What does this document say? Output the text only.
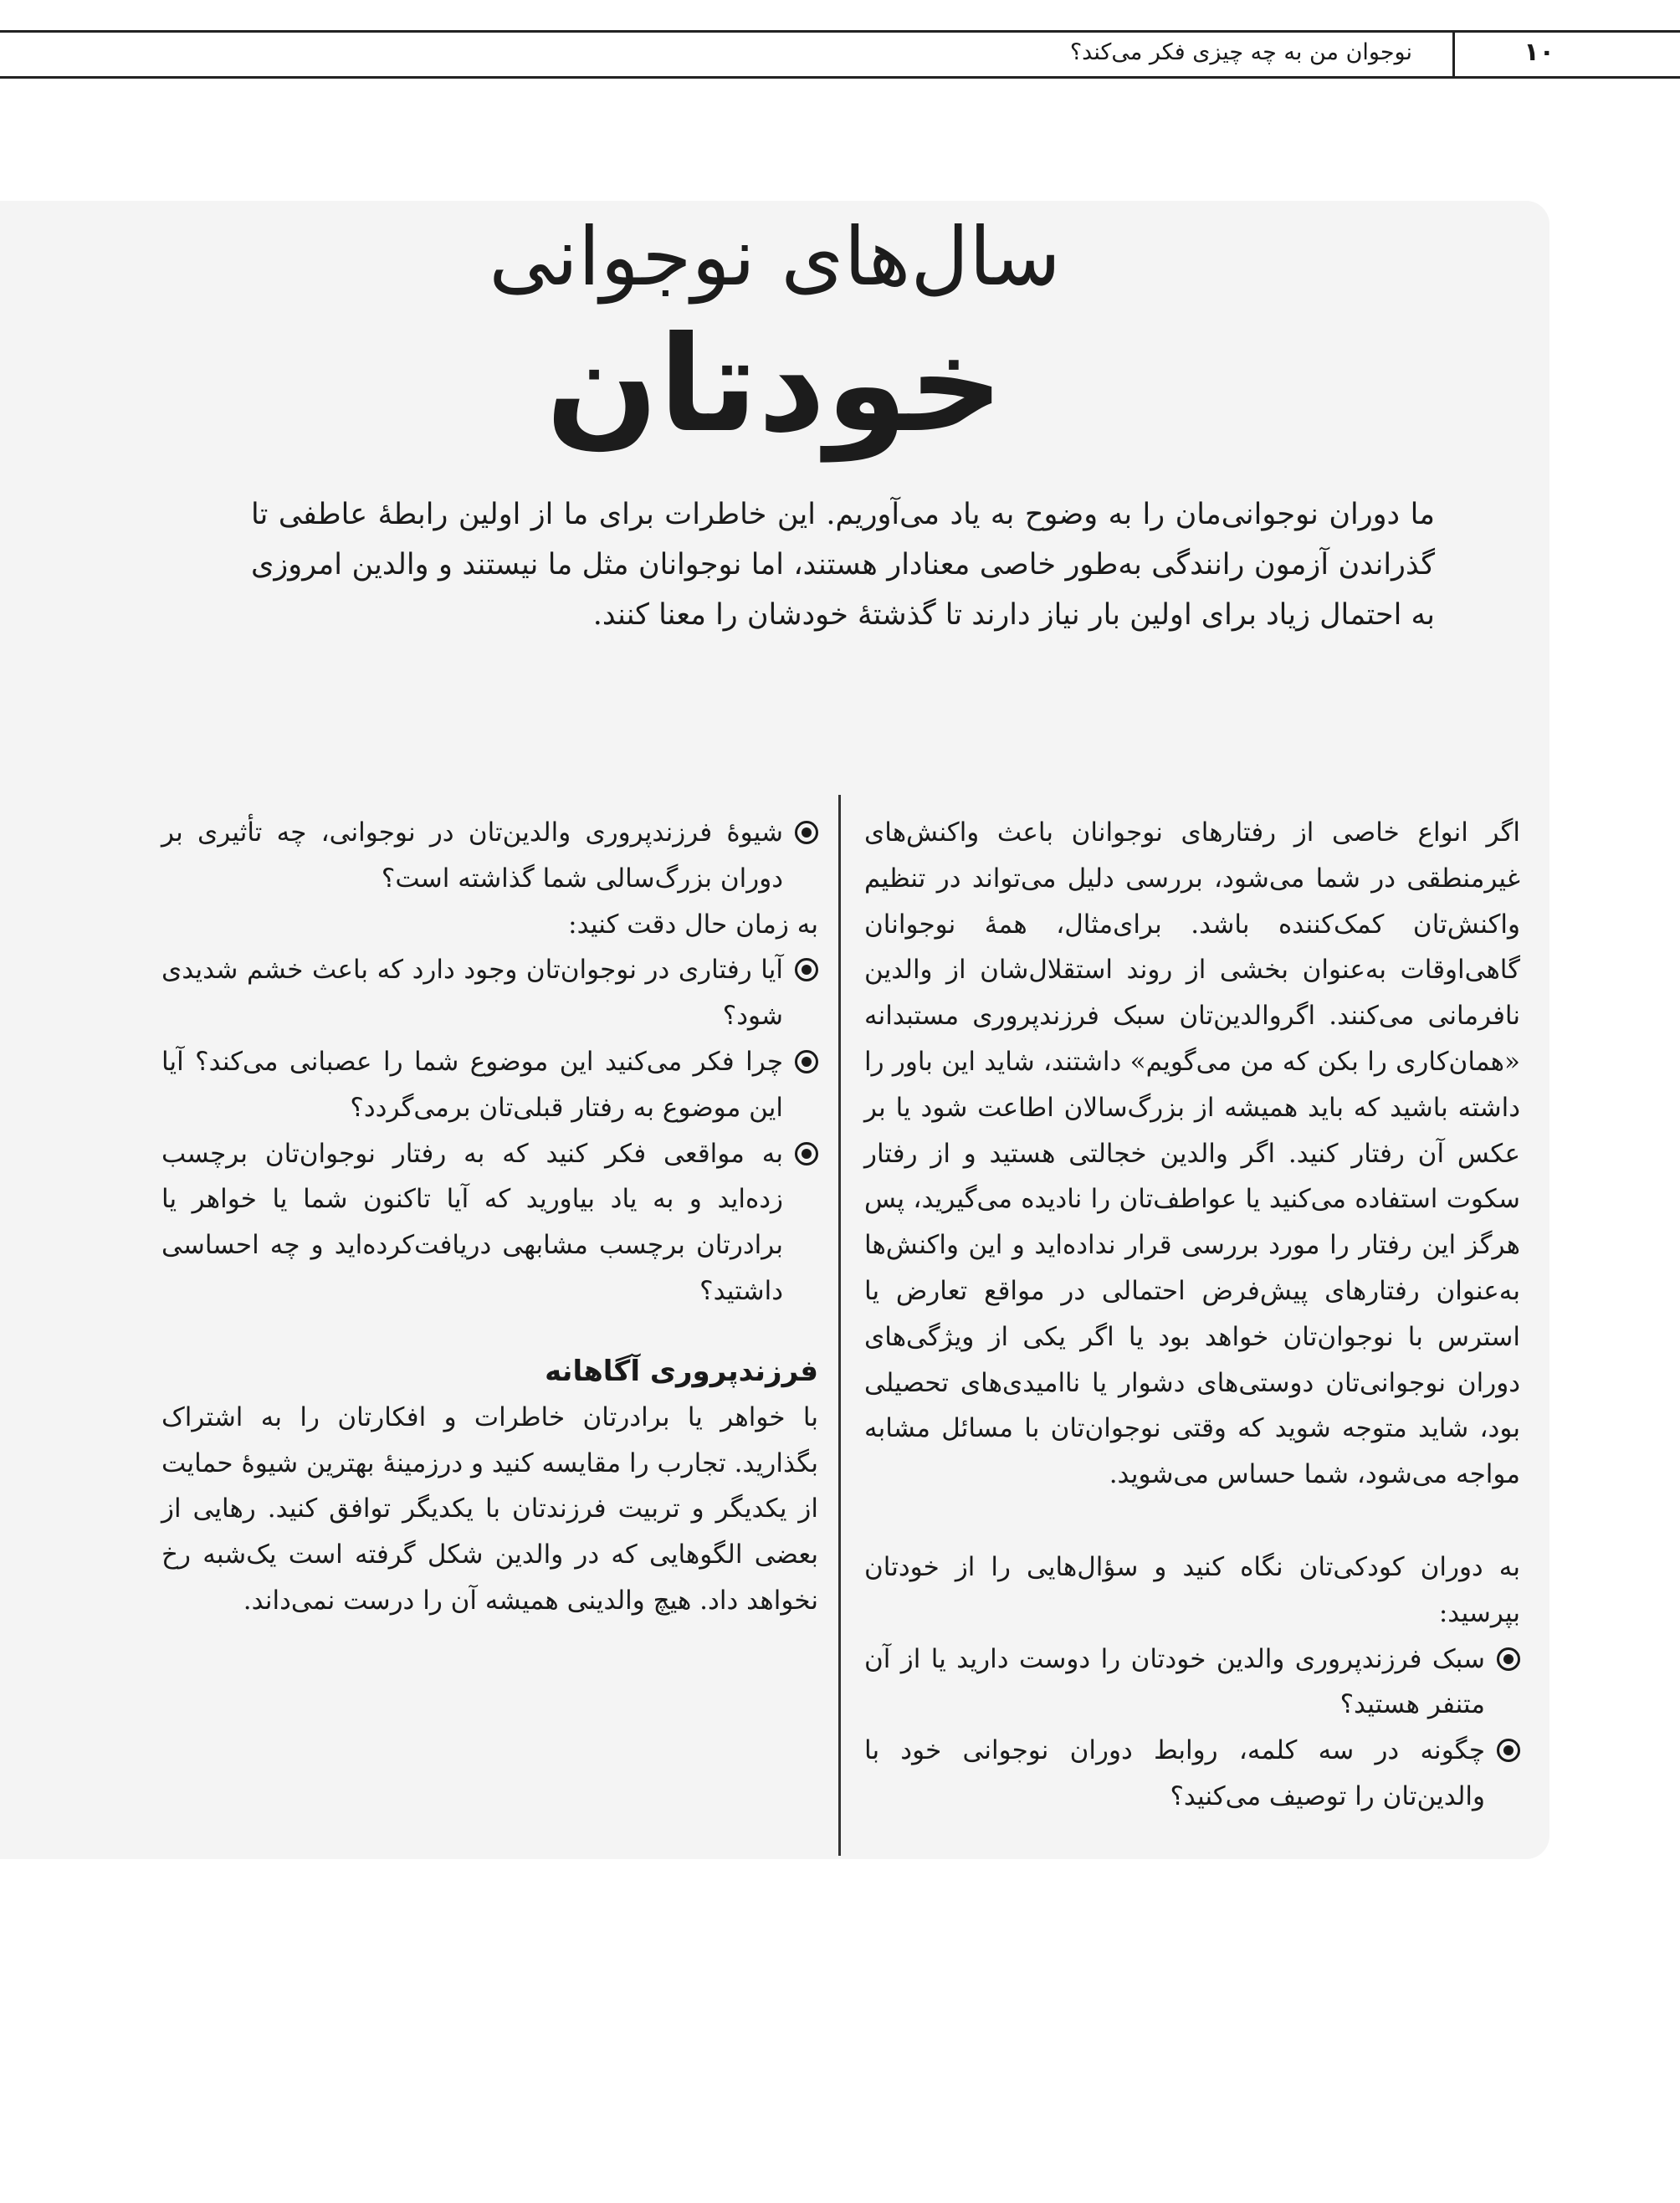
نوجوان من به چه چیزی فکر می‌کند؟	۱۰
سال‌های نوجوانی
خودتان
ما دوران نوجوانی‌مان را به وضوح به یاد می‌آوریم. این خاطرات برای ما از اولین رابطهٔ عاطفی تا گذراندن آزمون رانندگی به‌طور خاصی معنادار هستند، اما نوجوانان مثل ما نیستند و والدین امروزی به احتمال زیاد برای اولین بار نیاز دارند تا گذشتهٔ خودشان را معنا کنند.

اگر انواع خاصی از رفتارهای نوجوانان باعث واکنش‌های غیرمنطقی در شما می‌شود، بررسی دلیل می‌تواند در تنظیم واکنش‌تان کمک‌کننده باشد. برای‌مثال، همهٔ نوجوانان گاهی‌اوقات به‌عنوان بخشی از روند استقلال‌شان از والدین نافرمانی می‌کنند. اگروالدین‌تان سبک فرزندپروری مستبدانه «همان‌کاری را بکن که من می‌گویم» داشتند، شاید این باور را داشته باشید که باید همیشه از بزرگ‌سالان اطاعت شود یا بر عکس آن رفتار کنید. اگر والدین خجالتی هستید و از رفتار سکوت استفاده می‌کنید یا عواطف‌تان را نادیده می‌گیرید، پس هرگز این رفتار را مورد بررسی قرار نداده‌اید و این واکنش‌ها به‌عنوان رفتارهای پیش‌فرض احتمالی در مواقع تعارض یا استرس با نوجوان‌تان خواهد بود یا اگر یکی از ویژگی‌های دوران نوجوانی‌تان دوستی‌های دشوار یا ناامیدی‌های تحصیلی بود، شاید متوجه شوید که وقتی نوجوان‌تان با مسائل مشابه مواجه می‌شود، شما حساس می‌شوید.

به دوران کودکی‌تان نگاه کنید و سؤال‌هایی را از خودتان بپرسید:

سبک فرزندپروری والدین خودتان را دوست دارید یا از آن متنفر هستید؟
چگونه در سه کلمه، روابط دوران نوجوانی خود با والدین‌تان را توصیف می‌کنید؟
شیوهٔ فرزندپروری والدین‌تان در نوجوانی، چه تأثیری بر دوران بزرگ‌سالی شما گذاشته است؟

به زمان حال دقت کنید:

آیا رفتاری در نوجوان‌تان وجود دارد که باعث خشم شدیدی شود؟
چرا فکر می‌کنید این موضوع شما را عصبانی می‌کند؟ آیا این موضوع به رفتار قبلی‌تان برمی‌گردد؟
به مواقعی فکر کنید که به رفتار نوجوان‌تان برچسب زده‌اید و به یاد بیاورید که آیا تاکنون شما یا خواهر یا برادرتان برچسب مشابهی دریافت‌کرده‌اید و چه احساسی داشتید؟
فرزندپروری آگاهانه

با خواهر یا برادرتان خاطرات و افکارتان را به اشتراک بگذارید. تجارب را مقایسه کنید و درزمینهٔ بهترین شیوهٔ حمایت از یکدیگر و تربیت فرزندتان با یکدیگر توافق کنید. رهایی از بعضی الگوهایی که در والدین شکل گرفته است یک‌شبه رخ نخواهد داد. هیچ والدینی همیشه آن را درست نمی‌داند.
